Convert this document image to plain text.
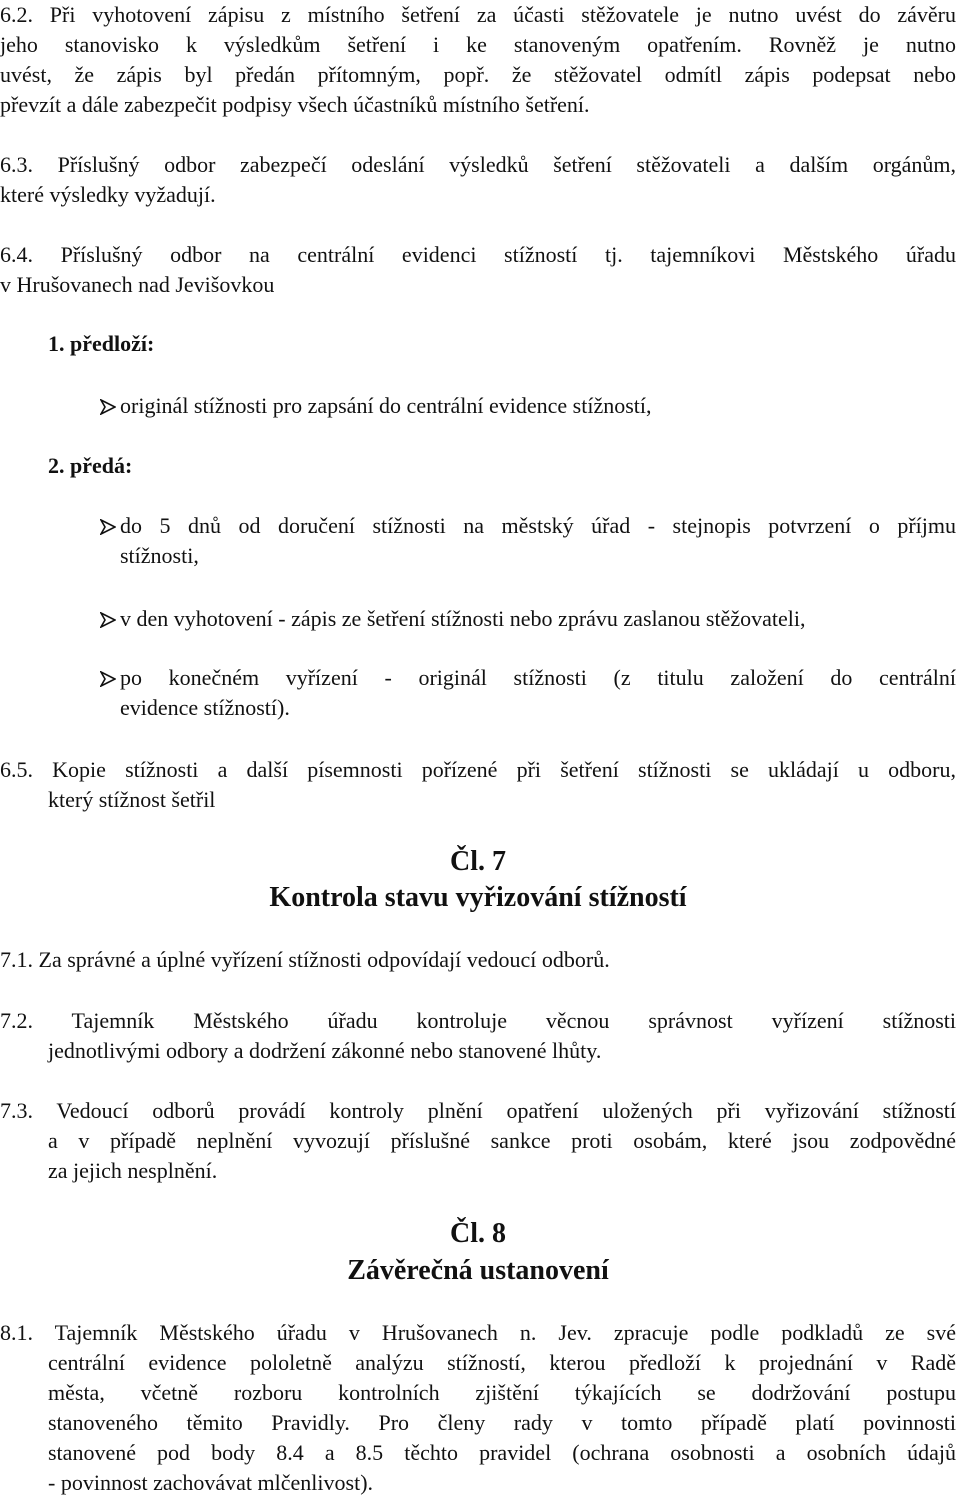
6.2. Při vyhotovení zápisu z místního šetření za účasti stěžovatele je nutno uvést do závěru
jeho stanovisko k výsledkům šetření i ke stanoveným opatřením. Rovněž je nutno
uvést, že zápis byl předán přítomným, popř. že stěžovatel odmítl zápis podepsat nebo
převzít a dále zabezpečit podpisy všech účastníků místního šetření.
6.3. Příslušný odbor zabezpečí odeslání výsledků šetření stěžovateli a dalším orgánům,
které výsledky vyžadují.
6.4. Příslušný odbor na centrální evidenci stížností tj. tajemníkovi Městského úřadu
v Hrušovanech nad Jevišovkou
1. předloží:
originál stížnosti pro zapsání do centrální evidence stížností,
2. předá:
do 5 dnů od doručení stížnosti na městský úřad - stejnopis potvrzení o příjmu
stížnosti,
v den vyhotovení - zápis ze šetření stížnosti nebo zprávu zaslanou stěžovateli,
po konečném vyřízení - originál stížnosti (z titulu založení do centrální
evidence stížností).
6.5. Kopie stížnosti a další písemnosti pořízené při šetření stížnosti se ukládají u odboru,
který stížnost šetřil
Čl. 7
Kontrola stavu vyřizování stížností
7.1. Za správné a úplné vyřízení stížnosti odpovídají vedoucí odborů.
7.2. Tajemník Městského úřadu kontroluje věcnou správnost vyřízení stížnosti
jednotlivými odbory a dodržení zákonné nebo stanovené lhůty.
7.3. Vedoucí odborů provádí kontroly plnění opatření uložených při vyřizování stížností
a v případě neplnění vyvozují příslušné sankce proti osobám, které jsou zodpovědné
za jejich nesplnění.
Čl. 8
Závěrečná ustanovení
8.1. Tajemník Městského úřadu v Hrušovanech n. Jev. zpracuje podle podkladů ze své
centrální evidence pololetně analýzu stížností, kterou předloží k projednání v Radě
města, včetně rozboru kontrolních zjištění týkajících se dodržování postupu
stanoveného těmito Pravidly. Pro členy rady v tomto případě platí povinnosti
stanovené pod body 8.4 a 8.5 těchto pravidel (ochrana osobnosti a osobních údajů
- povinnost zachovávat mlčenlivost).
